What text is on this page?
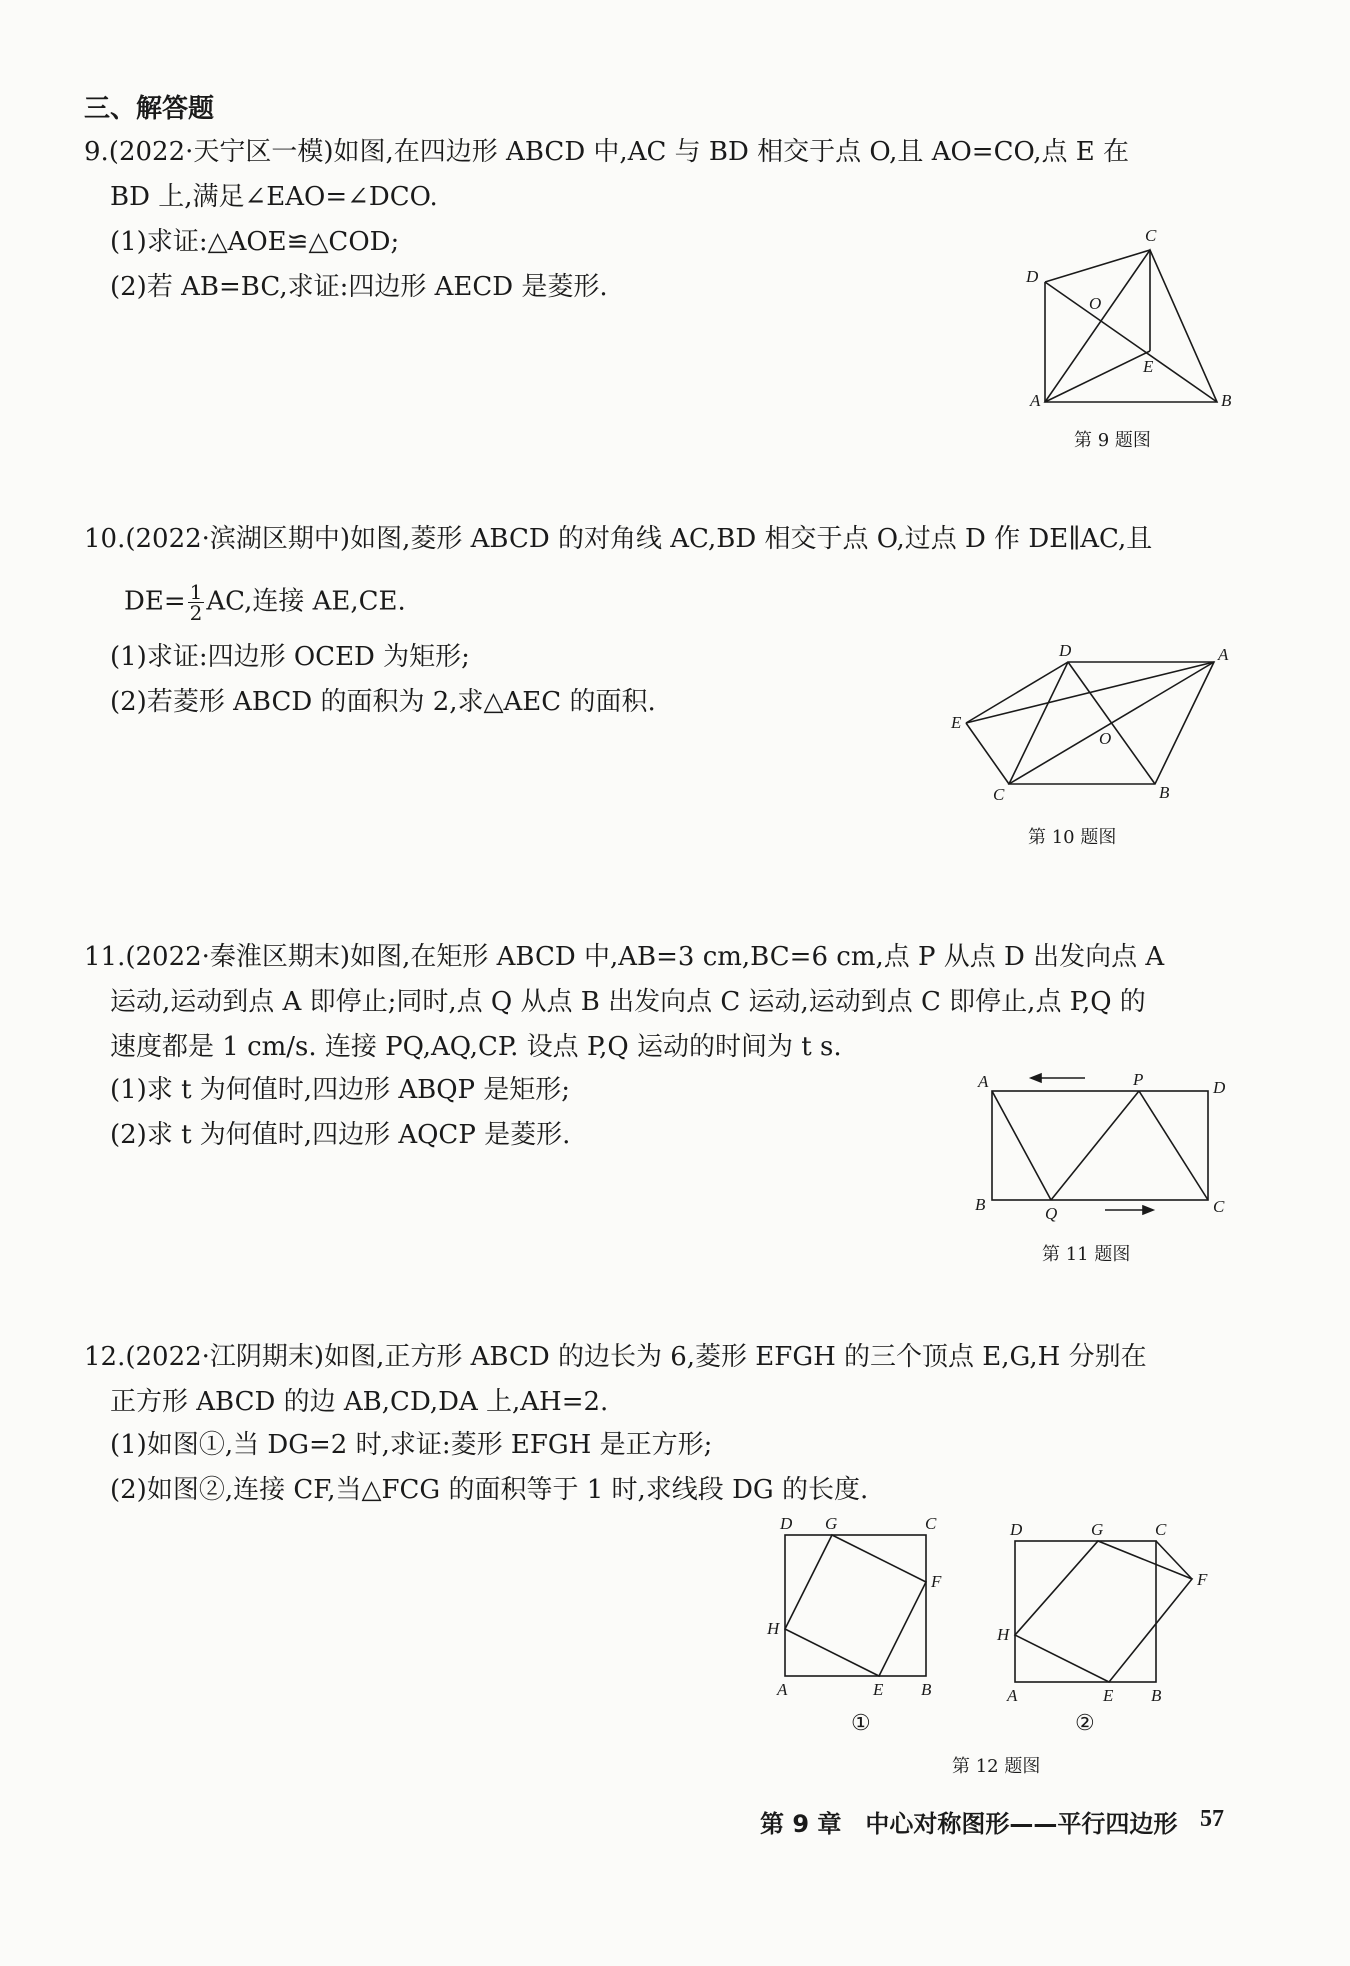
三、解答题
9.(2022·天宁区一模)如图,在四边形 ABCD 中,AC 与 BD 相交于点 O,且 AO=CO,点 E 在
BD 上,满足∠EAO=∠DCO.
(1)求证:△AOE≌△COD;
(2)若 AB=BC,求证:四边形 AECD 是菱形.
A	B
C
D
E
O
第 9 题图
10.(2022·滨湖区期中)如图,菱形 ABCD 的对角线 AC,BD 相交于点 O,过点 D 作 DE∥AC,且
$DE= \frac{1}{2}$ AC,连接 AE,CE.
(1)求证:四边形 OCED 为矩形;
(2)若菱形 ABCD 的面积为 2,求△AEC 的面积.
A
B
C
D
E
O
第 10 题图
11.(2022·秦淮区期末)如图,在矩形 ABCD 中,AB=3 cm,BC=6 cm,点 P 从点 D 出发向点 A
运动,运动到点 A 即停止;同时,点 Q 从点 B 出发向点 C 运动,运动到点 C 即停止,点 P,Q 的
速度都是 1 cm/s. 连接 PQ,AQ,CP. 设点 P,Q 运动的时间为 t s.
(1)求 t 为何值时,四边形 ABQP 是矩形;
(2)求 t 为何值时,四边形 AQCP 是菱形.
A	P	D
B	Q	C
第 11 题图
12.(2022·江阴期末)如图,正方形 ABCD 的边长为 6,菱形 EFGH 的三个顶点 E,G,H 分别在
正方形 ABCD 的边 AB,CD,DA 上,AH=2.
(1)如图①,当 DG=2 时,求证:菱形 EFGH 是正方形;
(2)如图②,连接 CF,当△FCG 的面积等于 1 时,求线段 DG 的长度.
D G	C
F
H
A	E B
①
D	G	C
F
H
A	E B
②
第 12 题图
第 9 章　中心对称图形——平行四边形 57
